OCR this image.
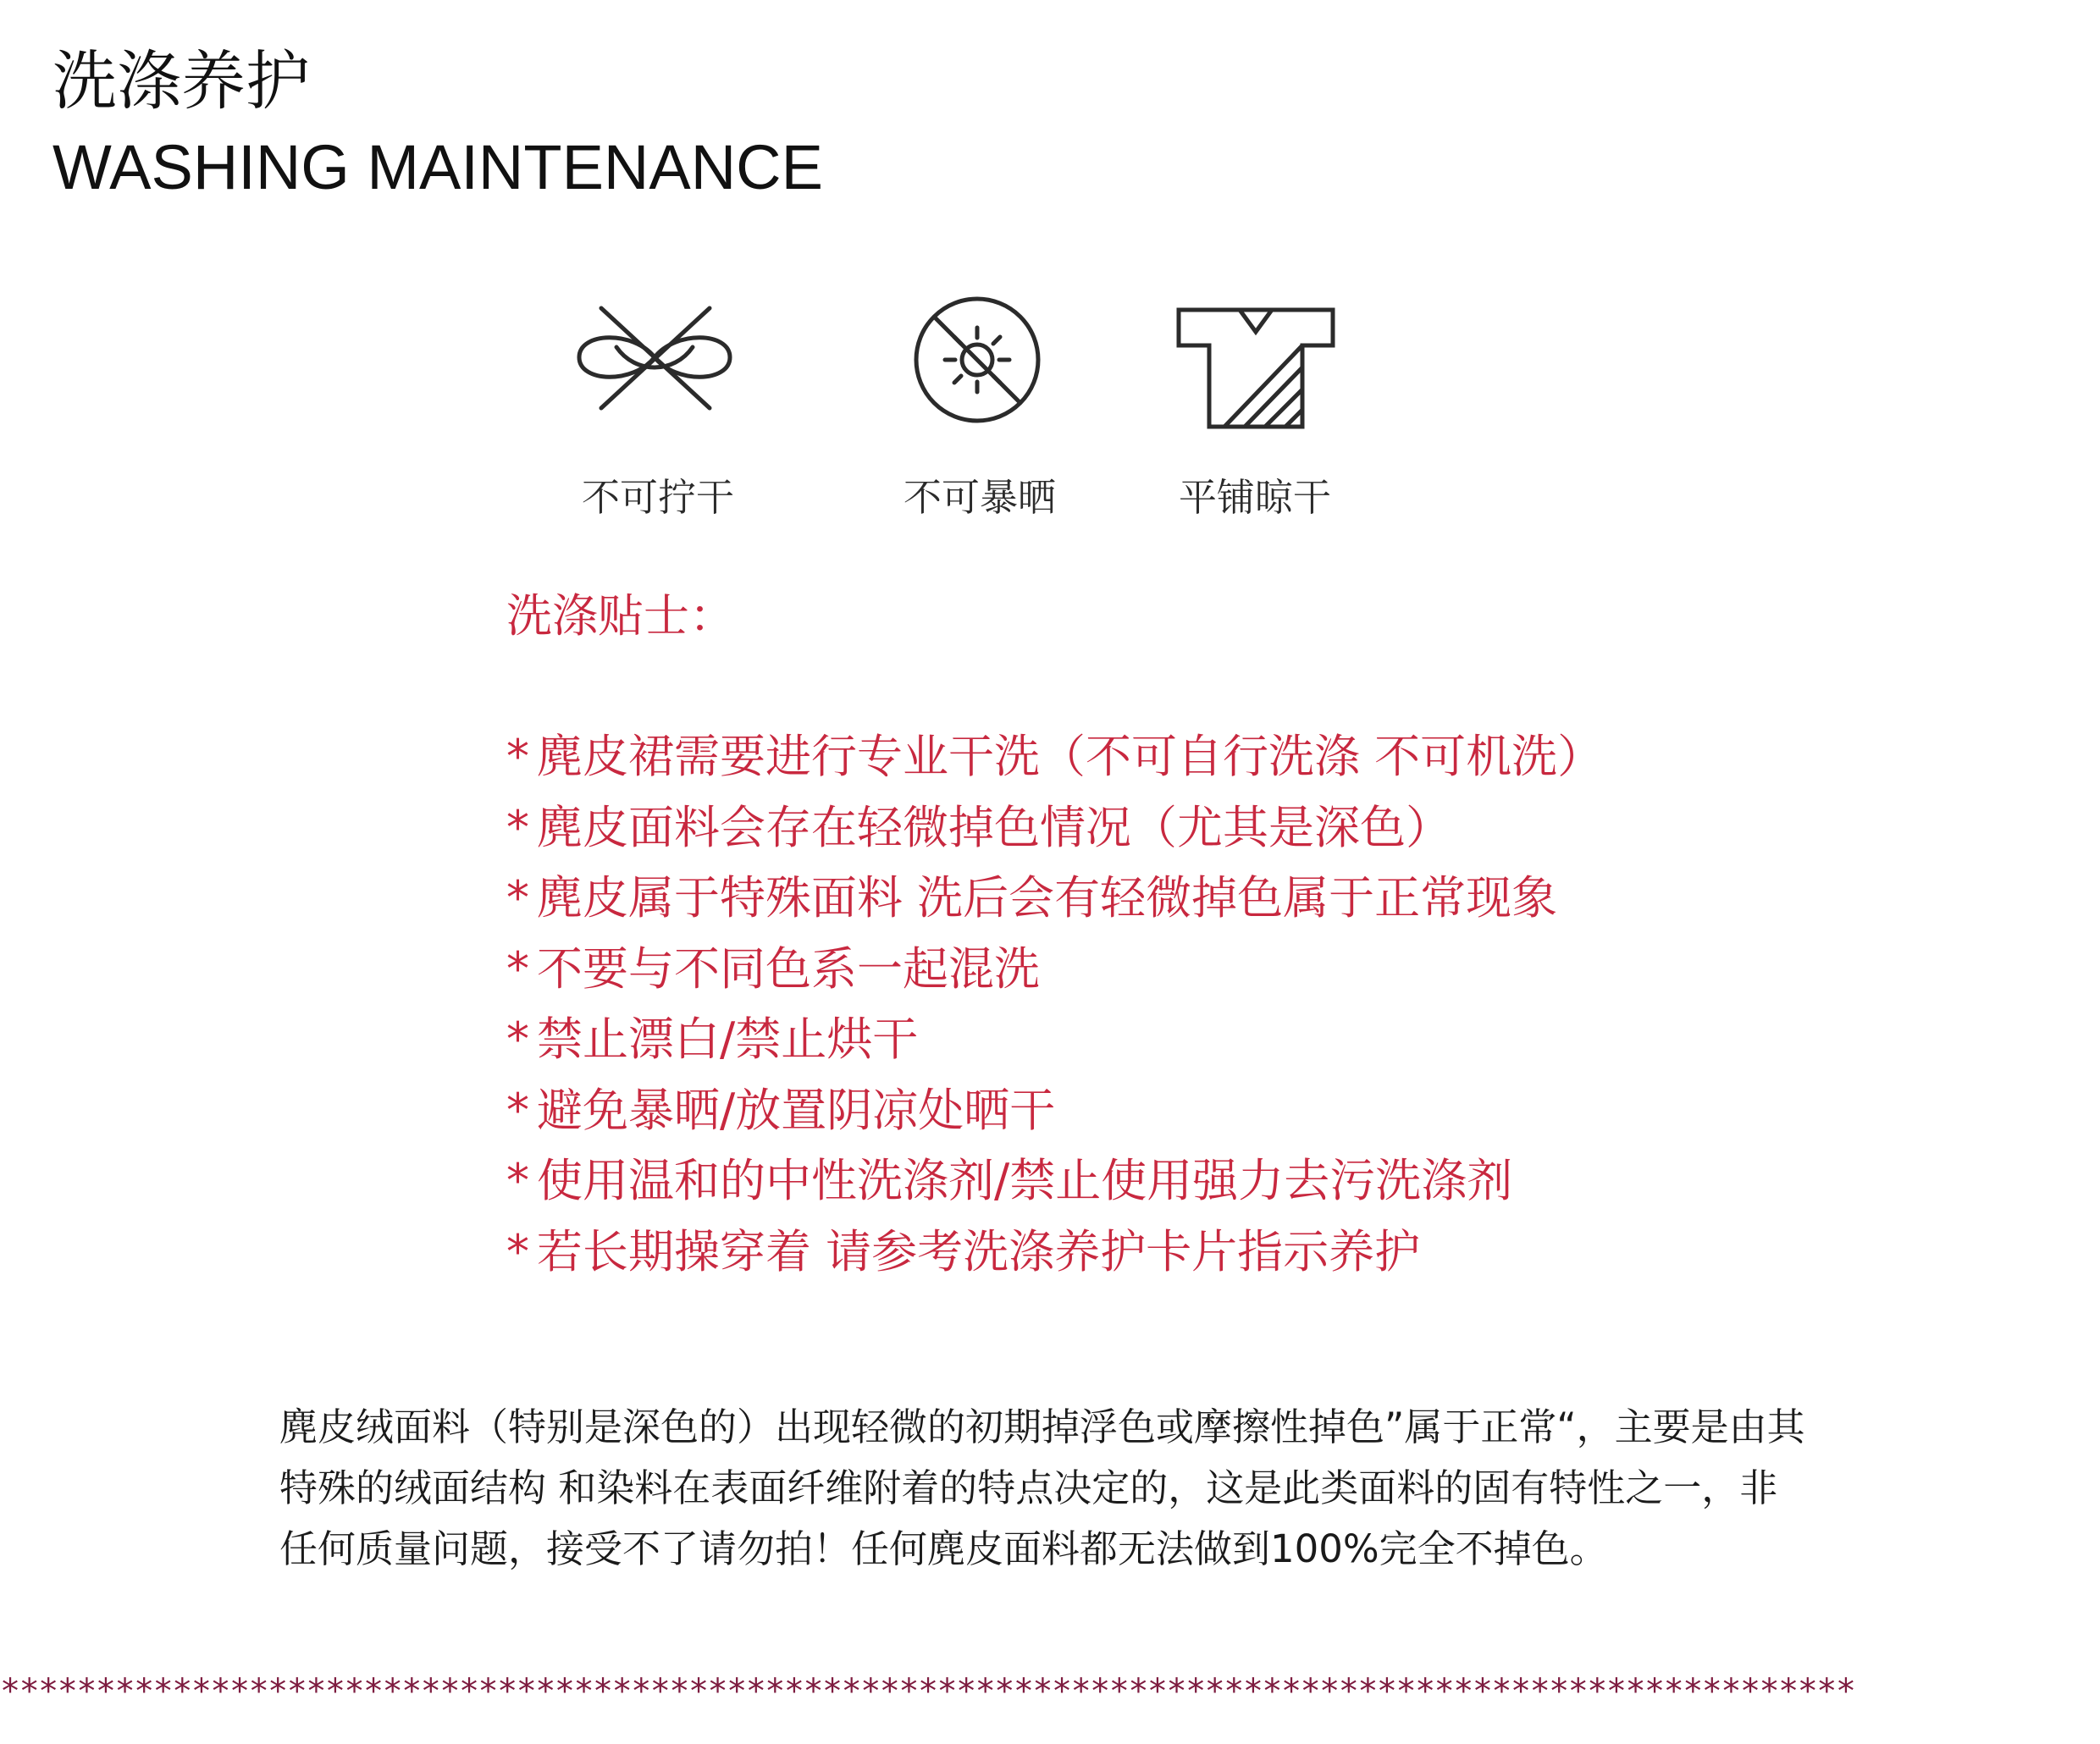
洗涤养护
WASHING MAINTENANCE
不可拧干	不可暴晒	平铺晾干
洗涤贴士：
* 麂皮裙需要进行专业干洗（不可自行洗涤 不可机洗）
* 麂皮面料会存在轻微掉色情况（尤其是深色）
* 麂皮属于特殊面料 洗后会有轻微掉色属于正常现象
* 不要与不同色系一起混洗
* 禁止漂白/禁止烘干
* 避免暴晒/放置阴凉处晒干
* 使用温和的中性洗涤剂/禁止使用强力去污洗涤剂
* 若长期操穿着 请参考洗涤养护卡片指示养护

麂皮绒面料（特别是深色的）出现轻微的初期掉浮色或摩擦性掉色”属于正常“，主要是由其

特殊的绒面结构 和染料在表面纤维附着的特点决定的，这是此类面料的固有特性之一，非

任何质量问题，接受不了请勿拍！任何麂皮面料都无法做到100%完全不掉色。

*************************************************************************************************
